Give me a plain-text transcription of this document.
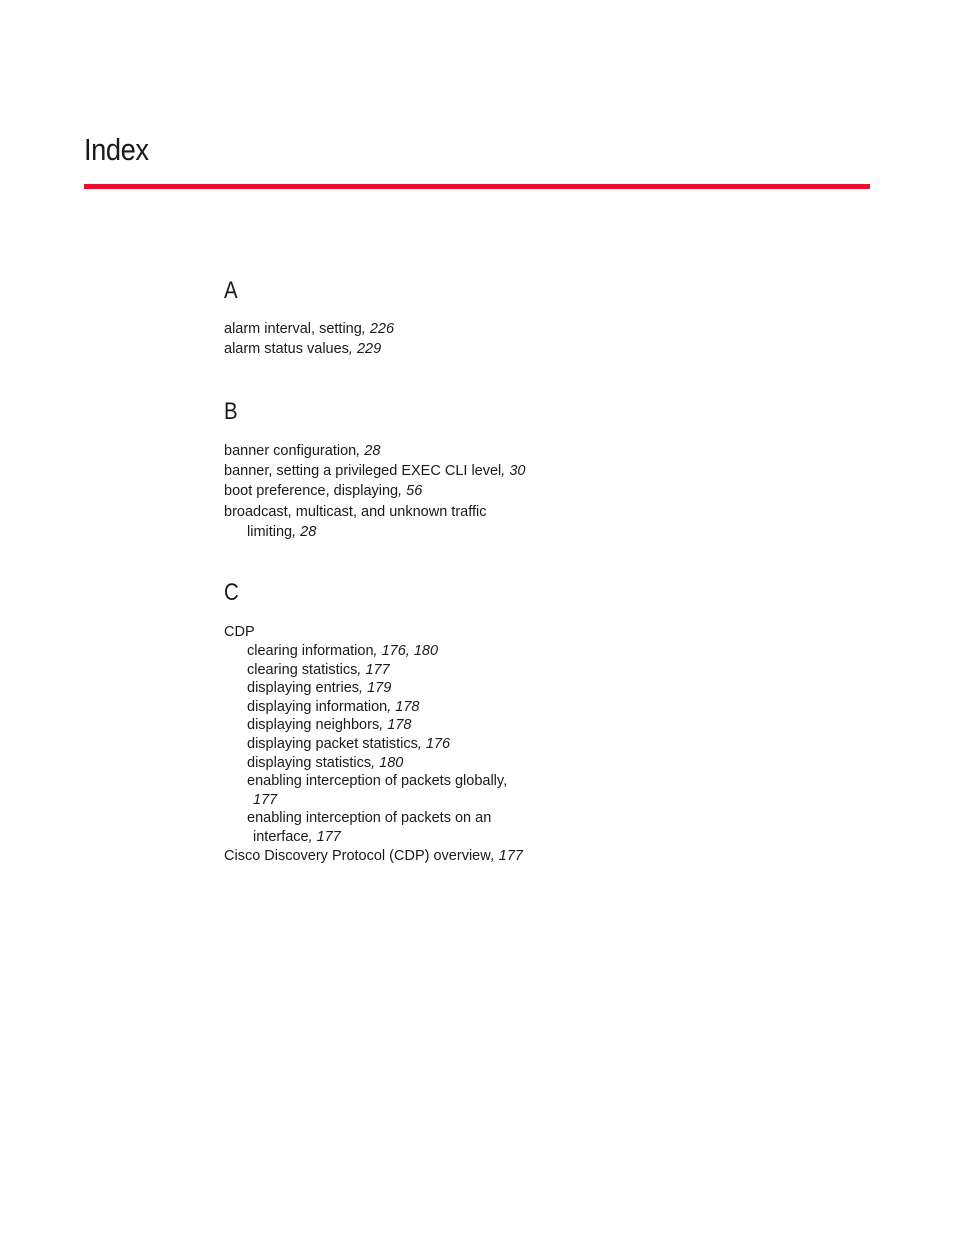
Index
A
alarm interval, setting, 226
alarm status values, 229
B
banner configuration, 28
banner, setting a privileged EXEC CLI level, 30
boot preference, displaying, 56
broadcast, multicast, and unknown traffic
limiting, 28
C
CDP
clearing information, 176, 180
clearing statistics, 177
displaying entries, 179
displaying information, 178
displaying neighbors, 178
displaying packet statistics, 176
displaying statistics, 180
enabling interception of packets globally,
177
enabling interception of packets on an
interface, 177
Cisco Discovery Protocol (CDP) overview, 177
